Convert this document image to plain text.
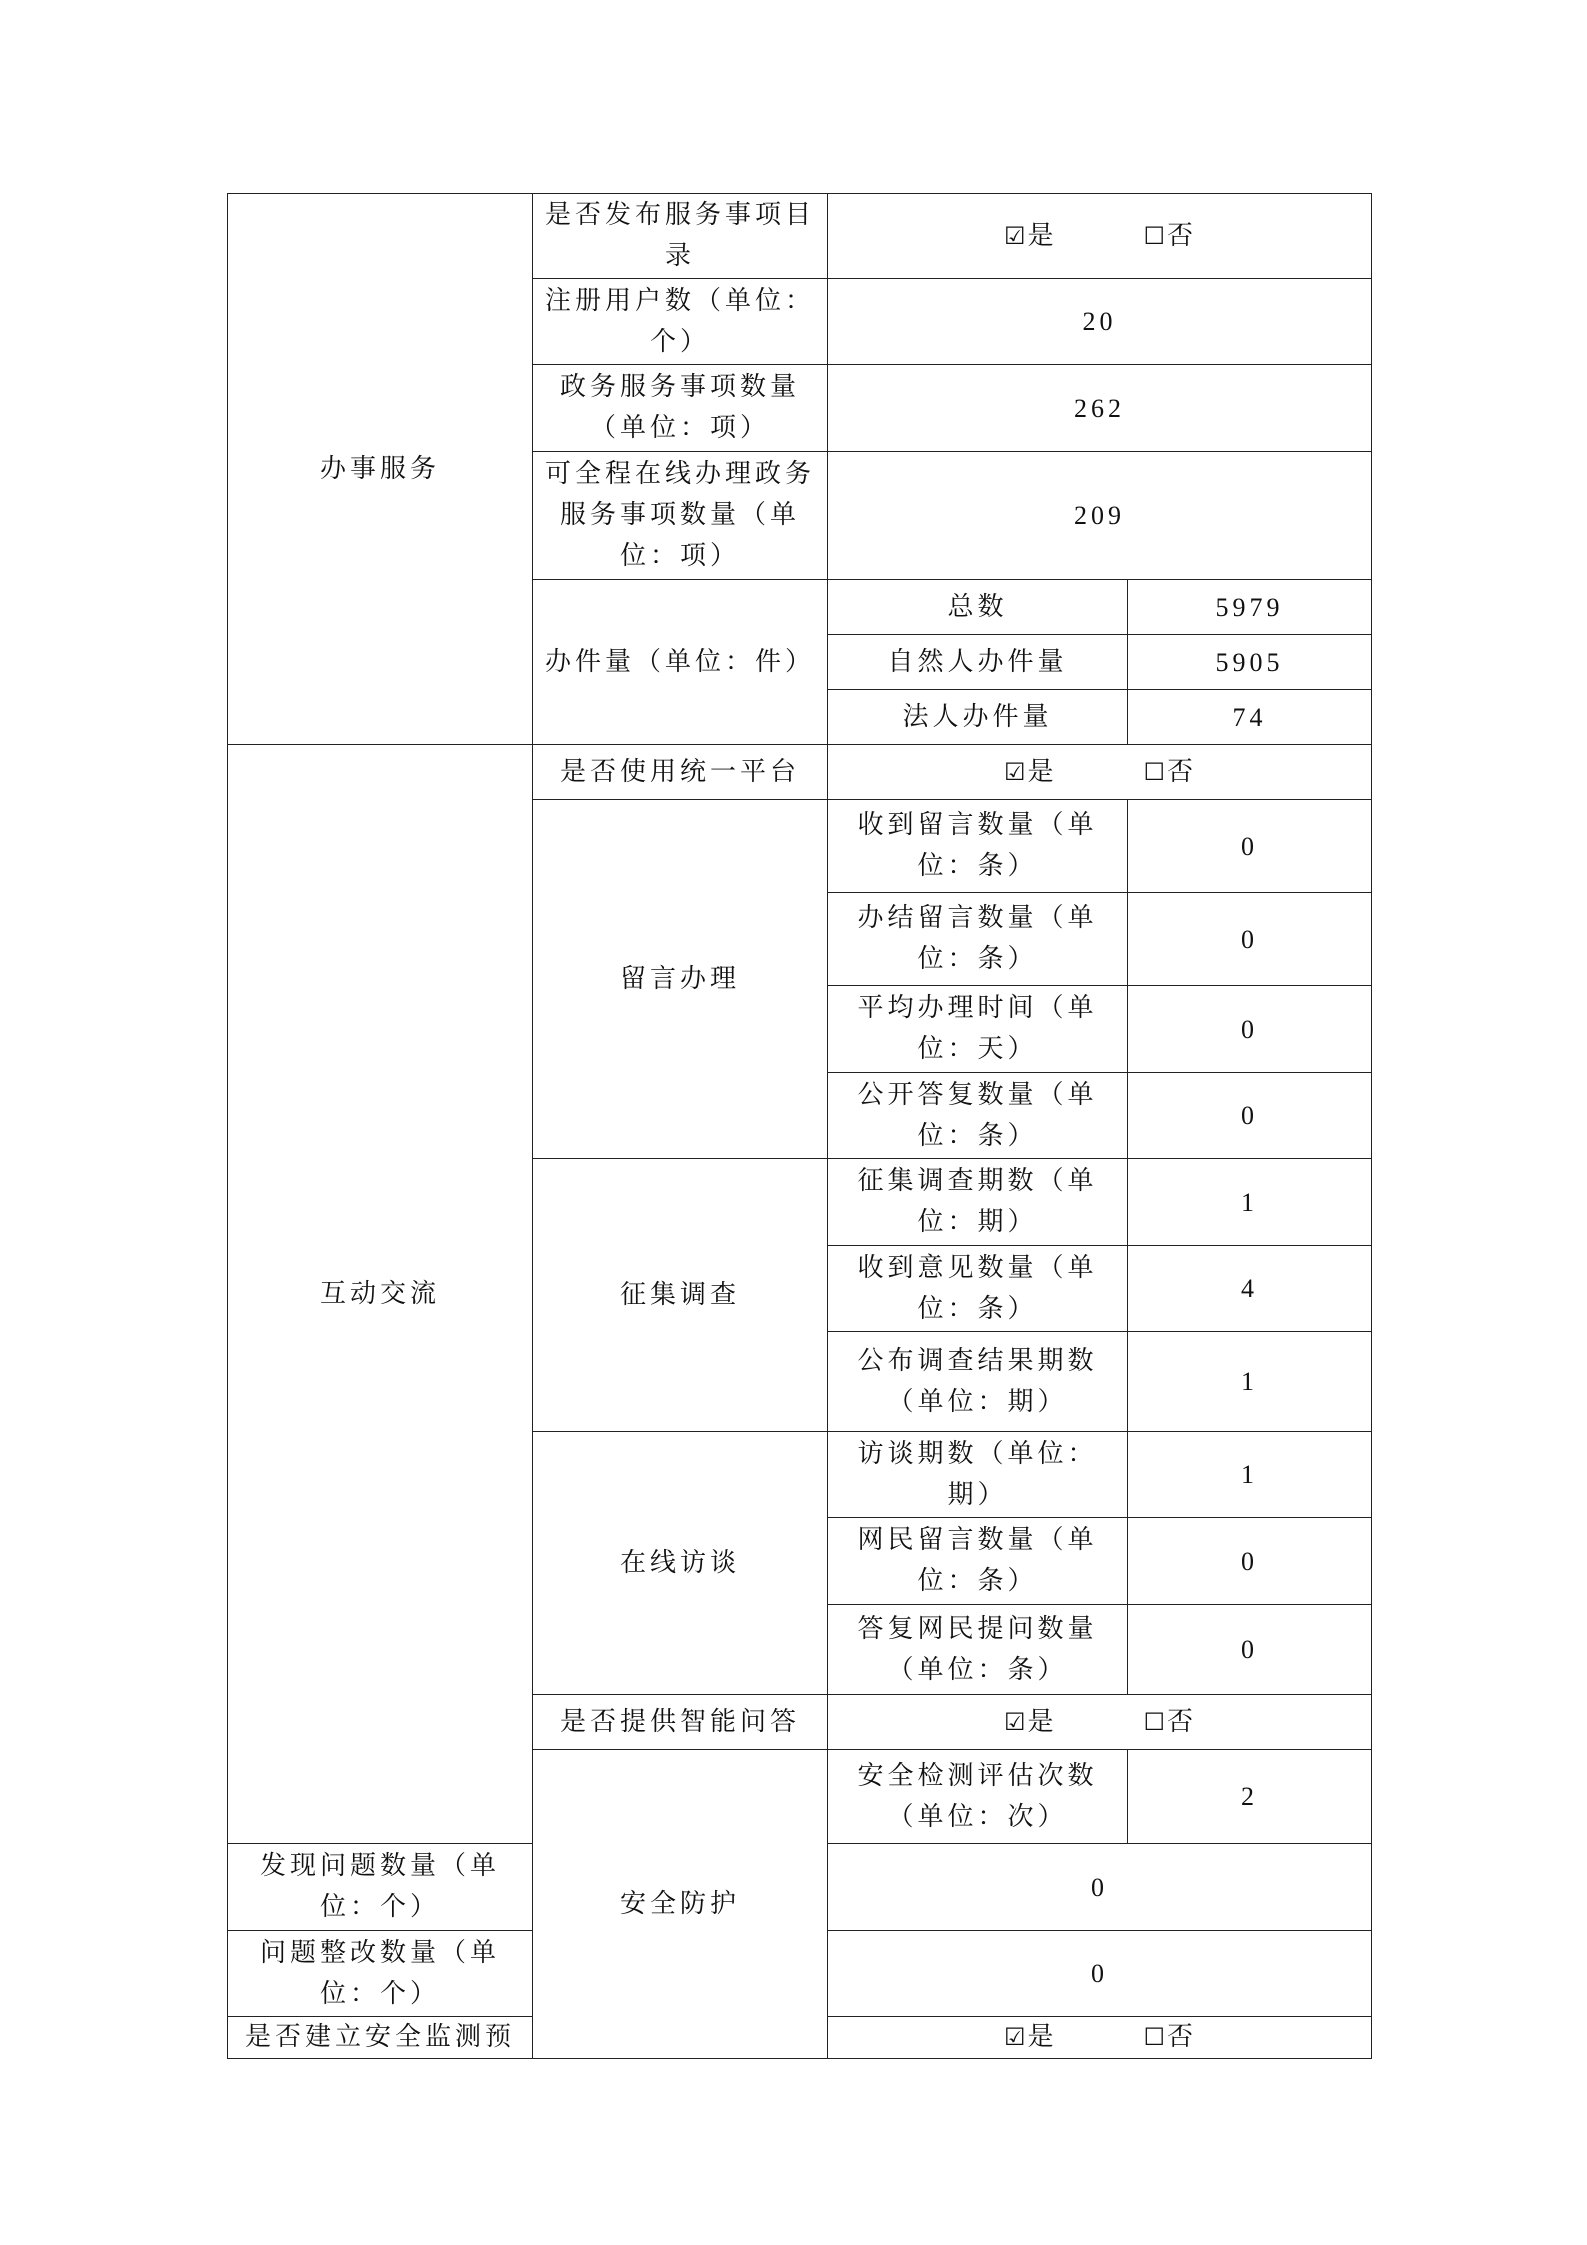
办事服务	是否发布服务事项目录	☑是 ☐否	

	注册用户数（单位：个）	20	
	政务服务事项数量（单位：项）	262	
	可全程在线办理政务服务事项数量（单位：项）	209	
	办件量（单位：件）	总数	5979
		自然人办件量	5905
		法人办件量	74
互动交流	是否使用统一平台	☑是 ☐否	

	留言办理	收到留言数量（单位：条）	0
		办结留言数量（单位：条）	0
		平均办理时间（单位：天）	0
		公开答复数量（单位：条）	0
	征集调查	征集调查期数（单位：期）	1
		收到意见数量（单位：条）	4
		公布调查结果期数（单位：期）	1
	在线访谈	访谈期数（单位：期）	1
		网民留言数量（单位：条）	0
		答复网民提问数量（单位：条）	0
	是否提供智能问答	☑是 ☐否	

	安全防护	安全检测评估次数（单位：次）	2
发现问题数量（单位：个）		0	
问题整改数量（单位：个）		0	
是否建立安全监测预		☑是 ☐否	
